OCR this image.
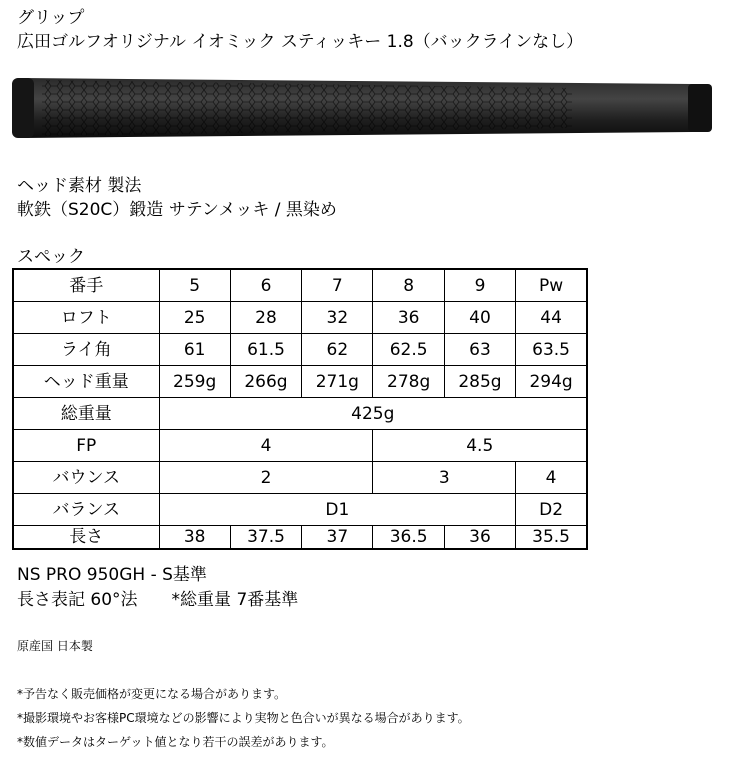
グリップ
広田ゴルフオリジナル イオミック スティッキー 1.8（バックラインなし）
ヘッド素材 製法
軟鉄（S20C）鍛造 サテンメッキ / 黒染め
スペック
番手	5	6	7	8	9	Pw
ロフト	25	28	32	36	40	44
ライ角	61	61.5	62	62.5	63	63.5
ヘッド重量	259g	266g	271g	278g	285g	294g
総重量	425g					
FP	4			4.5		
バウンス	2			3		4
バランス	D1					D2
長さ	38	37.5	37	36.5	36	35.5
NS PRO 950GH - S基準
長さ表記 60°法　　*総重量 7番基準
原産国 日本製
*予告なく販売価格が変更になる場合があります。
*撮影環境やお客様PC環境などの影響により実物と色合いが異なる場合があります。
*数値データはターゲット値となり若干の誤差があります。
